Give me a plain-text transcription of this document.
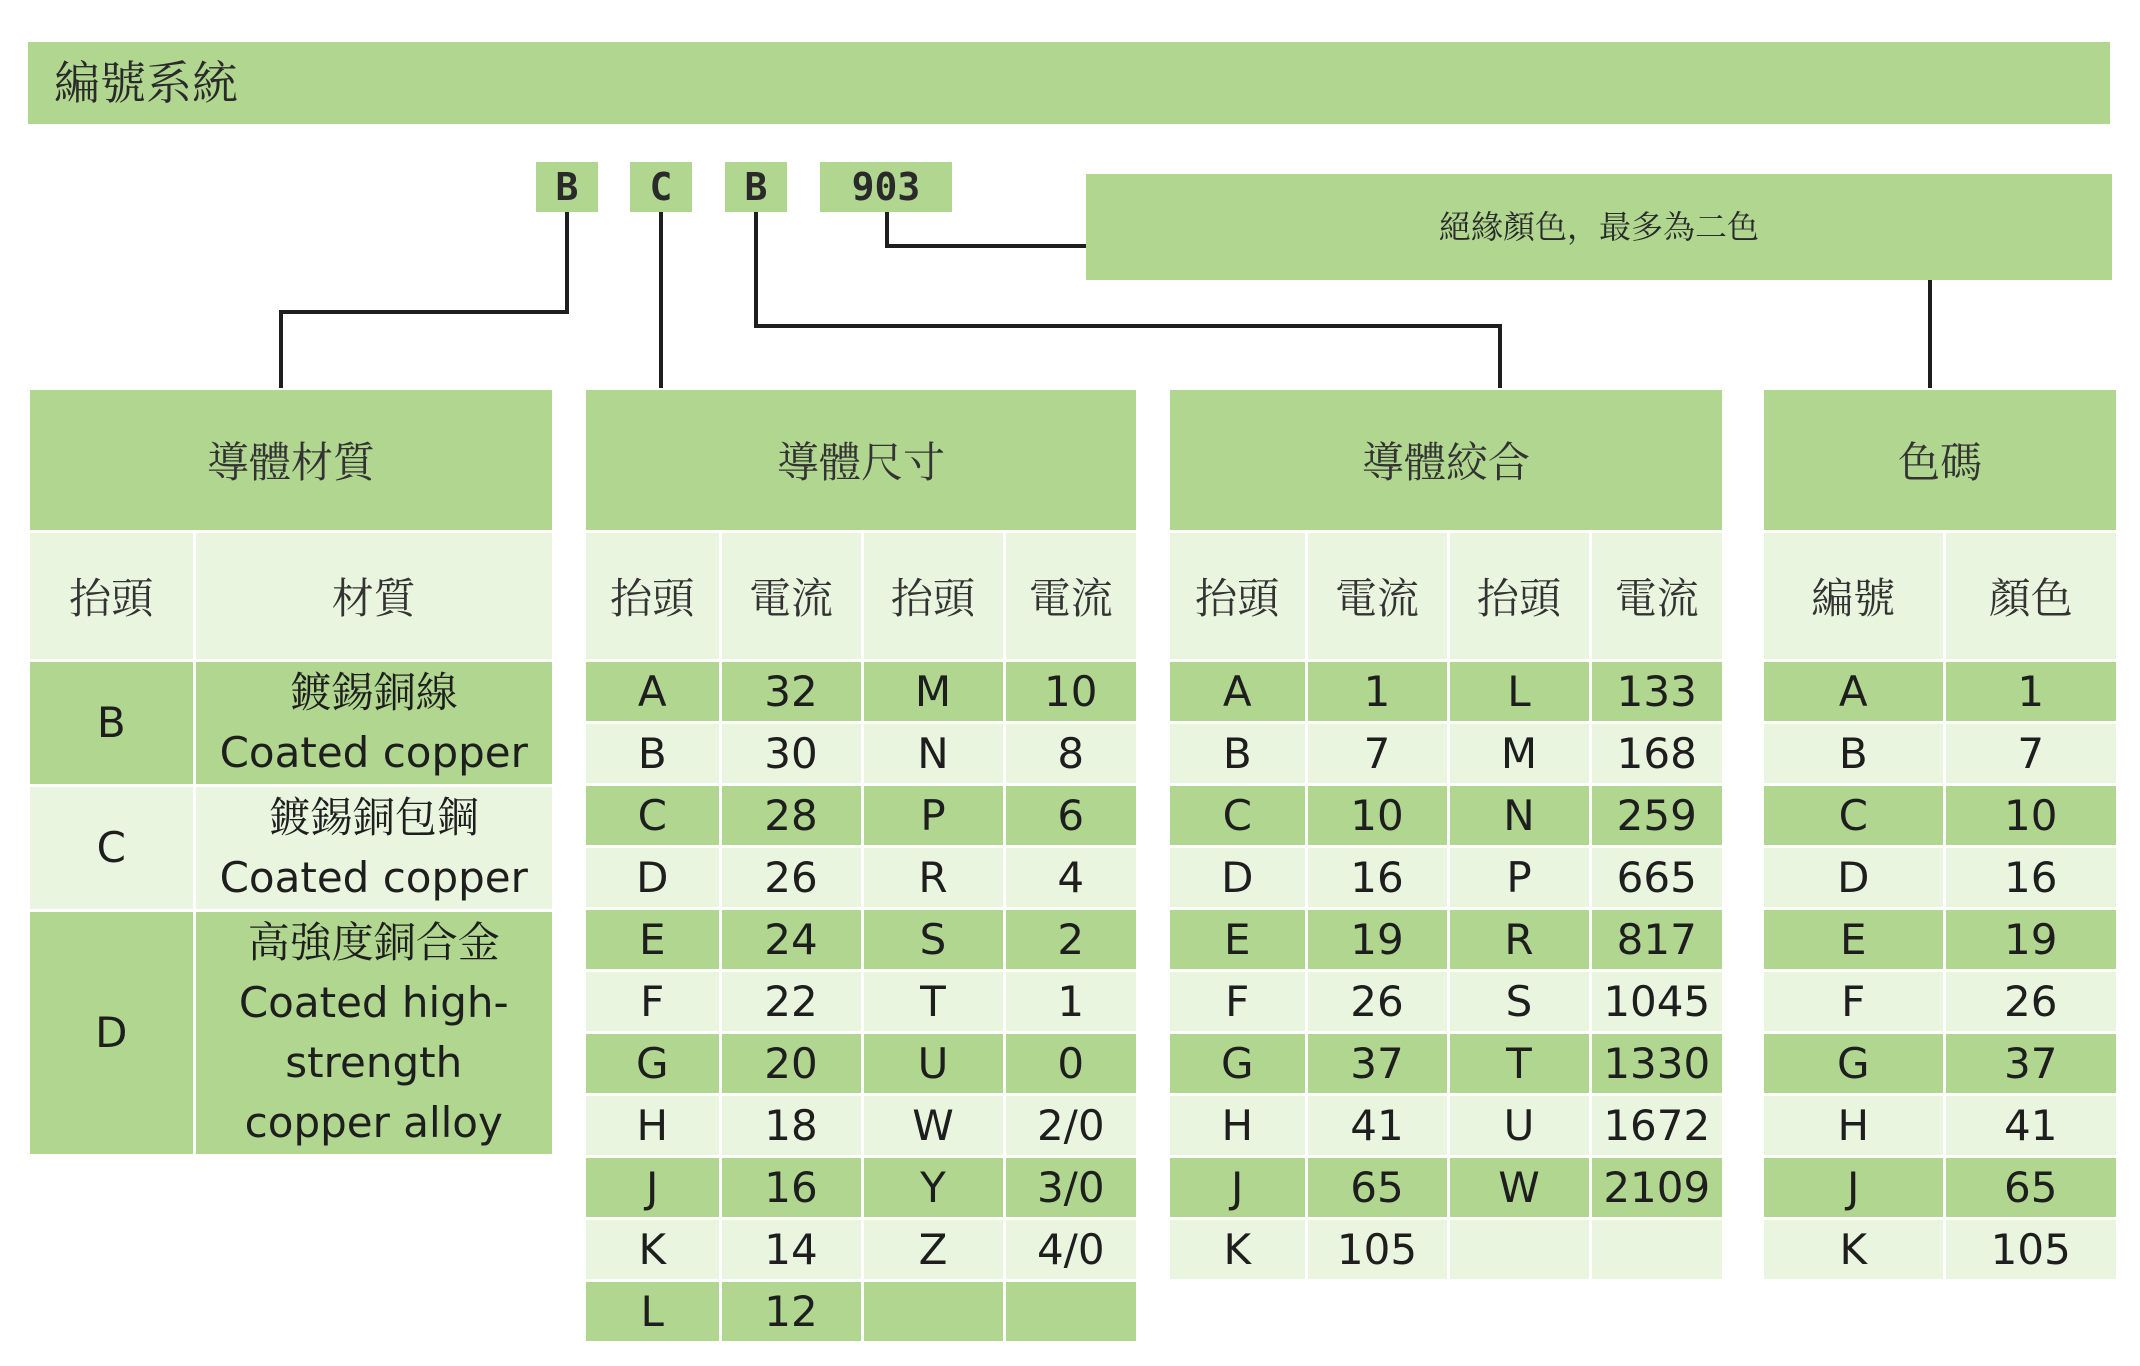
編號系統
B	C	B	903
絕緣顏色，最多為二色
導體材質	
抬頭	材質
B	鍍錫銅線
Coated copper

C	鍍錫銅包鋼
Coated copper

D	高強度銅合金
Coated high-
strength
copper alloy
導體尺寸			
抬頭	電流	抬頭	電流
A	32	M	10
B	30	N	8
C	28	P	6
D	26	R	4
E	24	S	2
F	22	T	1
G	20	U	0
H	18	W	2/0
J	16	Y	3/0
K	14	Z	4/0
L	12		
導體絞合			
抬頭	電流	抬頭	電流
A	1	L	133
B	7	M	168
C	10	N	259
D	16	P	665
E	19	R	817
F	26	S	1045
G	37	T	1330
H	41	U	1672
J	65	W	2109
K	105		
色碼	
編號	顏色
A	1
B	7
C	10
D	16
E	19
F	26
G	37
H	41
J	65
K	105
